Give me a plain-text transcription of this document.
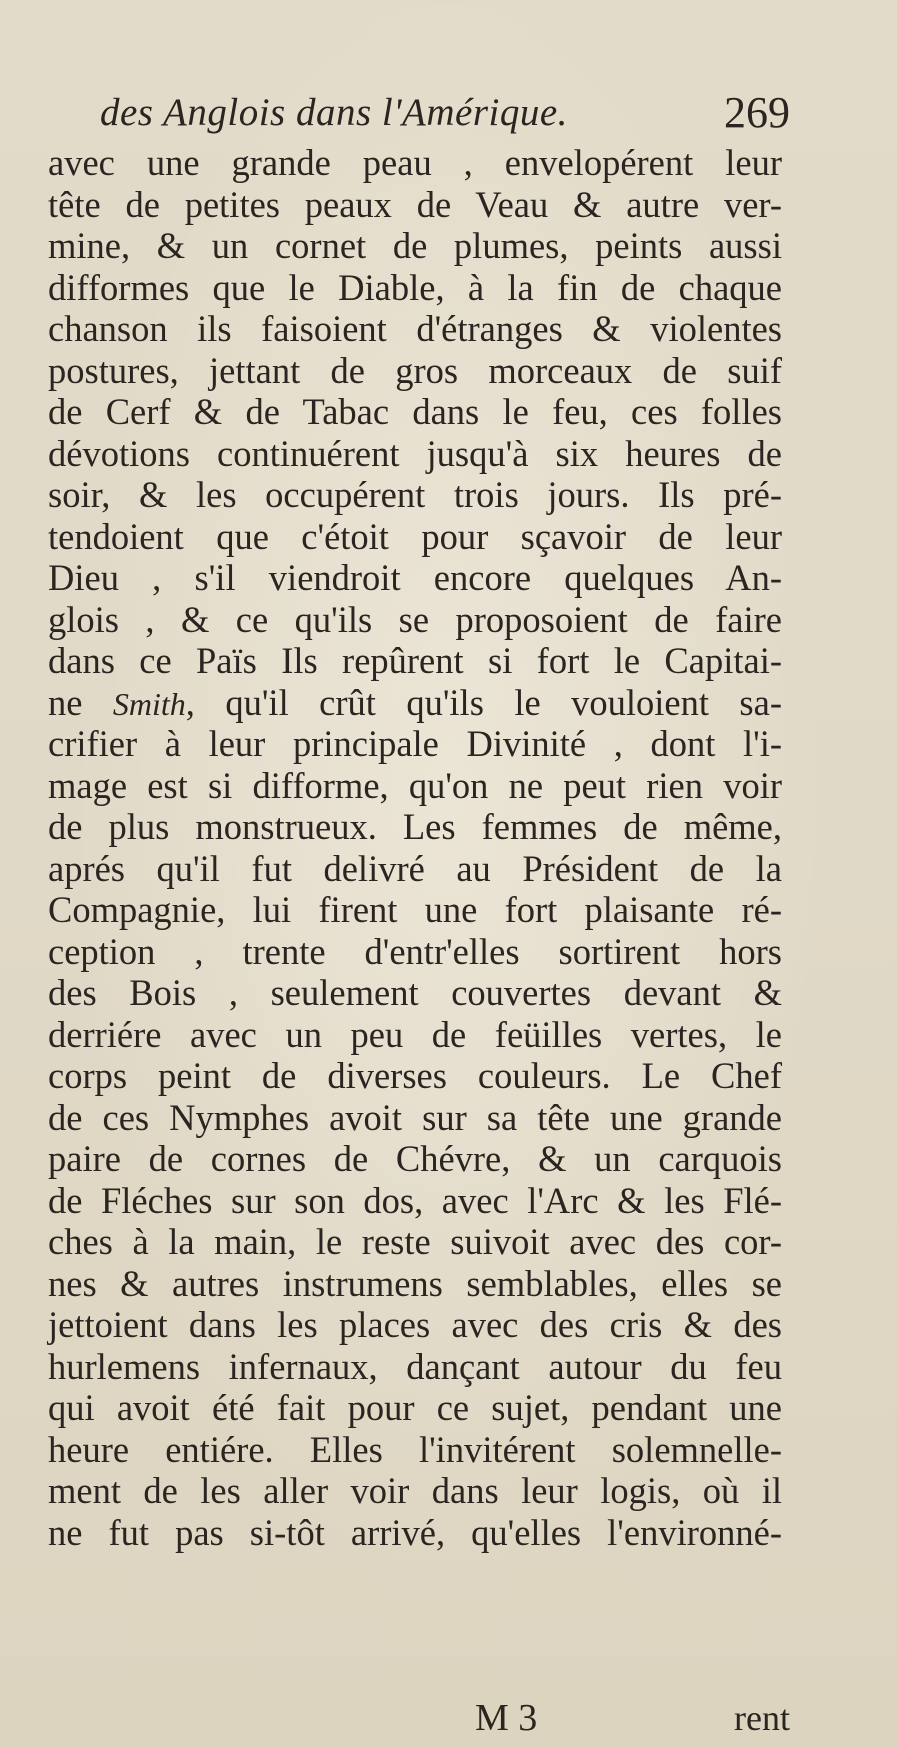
des Anglois dans l'Amérique.	269
avec une grande peau , envelopérent leur
tête de petites peaux de Veau & autre ver-
mine, & un cornet de plumes, peints aussi
difformes que le Diable, à la fin de chaque
chanson ils faisoient d'étranges & violentes
postures, jettant de gros morceaux de suif
de Cerf & de Tabac dans le feu, ces folles
dévotions continuérent jusqu'à six heures de
soir, & les occupérent trois jours. Ils pré-
tendoient que c'étoit pour sçavoir de leur
Dieu , s'il viendroit encore quelques An-
glois , & ce qu'ils se proposoient de faire
dans ce Païs Ils repûrent si fort le Capitai-
ne Smith, qu'il crût qu'ils le vouloient sa-
crifier à leur principale Divinité , dont l'i-
mage est si difforme, qu'on ne peut rien voir
de plus monstrueux. Les femmes de même,
aprés qu'il fut delivré au Président de la
Compagnie, lui firent une fort plaisante ré-
ception , trente d'entr'elles sortirent hors
des Bois , seulement couvertes devant &
derriére avec un peu de feüilles vertes, le
corps peint de diverses couleurs. Le Chef
de ces Nymphes avoit sur sa tête une grande
paire de cornes de Chévre, & un carquois
de Fléches sur son dos, avec l'Arc & les Flé-
ches à la main, le reste suivoit avec des cor-
nes & autres instrumens semblables, elles se
jettoient dans les places avec des cris & des
hurlemens infernaux, dançant autour du feu
qui avoit été fait pour ce sujet, pendant une
heure entiére. Elles l'invitérent solemnelle-
ment de les aller voir dans leur logis, où il
ne fut pas si-tôt arrivé, qu'elles l'environné-
M 3	rent
